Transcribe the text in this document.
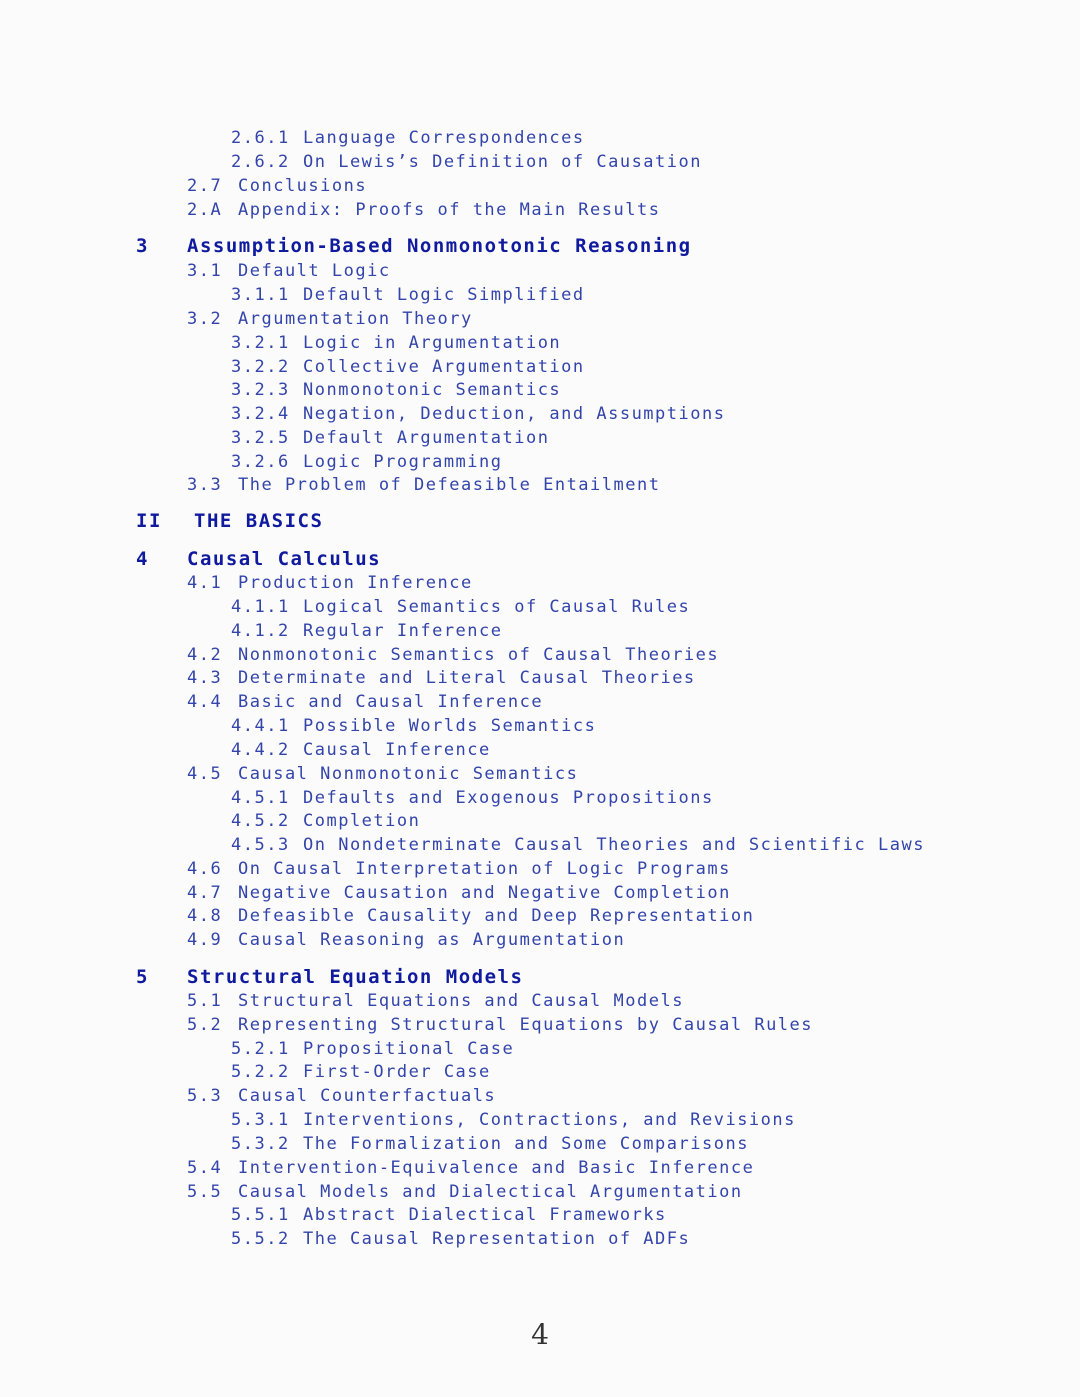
2.6.1

Language Correspondences

2.6.2

On Lewis’s Definition of Causation

2.7

Conclusions

2.A

Appendix: Proofs of the Main Results

3

Assumption-Based Nonmonotonic Reasoning

3.1

Default Logic

3.1.1

Default Logic Simplified

3.2

Argumentation Theory

3.2.1

Logic in Argumentation

3.2.2

Collective Argumentation

3.2.3

Nonmonotonic Semantics

3.2.4

Negation, Deduction, and Assumptions

3.2.5

Default Argumentation

3.2.6

Logic Programming

3.3

The Problem of Defeasible Entailment

II

THE BASICS

4

Causal Calculus

4.1

Production Inference

4.1.1

Logical Semantics of Causal Rules

4.1.2

Regular Inference

4.2

Nonmonotonic Semantics of Causal Theories

4.3

Determinate and Literal Causal Theories

4.4

Basic and Causal Inference

4.4.1

Possible Worlds Semantics

4.4.2

Causal Inference

4.5

Causal Nonmonotonic Semantics

4.5.1

Defaults and Exogenous Propositions

4.5.2

Completion

4.5.3

On Nondeterminate Causal Theories and Scientific Laws

4.6

On Causal Interpretation of Logic Programs

4.7

Negative Causation and Negative Completion

4.8

Defeasible Causality and Deep Representation

4.9

Causal Reasoning as Argumentation

5

Structural Equation Models

5.1

Structural Equations and Causal Models

5.2

Representing Structural Equations by Causal Rules

5.2.1

Propositional Case

5.2.2

First-Order Case

5.3

Causal Counterfactuals

5.3.1

Interventions, Contractions, and Revisions

5.3.2

The Formalization and Some Comparisons

5.4

Intervention-Equivalence and Basic Inference

5.5

Causal Models and Dialectical Argumentation

5.5.1

Abstract Dialectical Frameworks

5.5.2

The Causal Representation of ADFs

4
